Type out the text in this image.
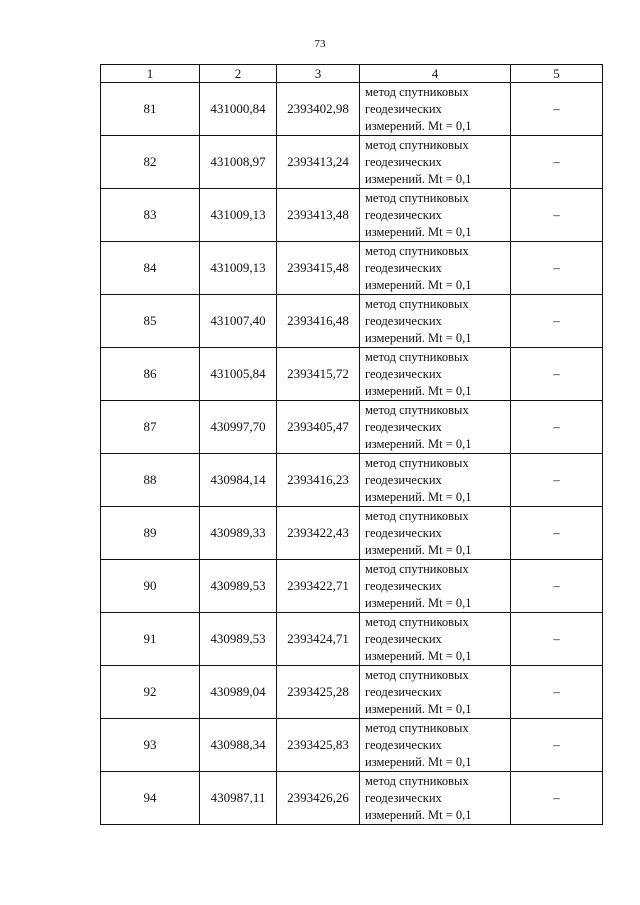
73
1	2	3	4	5
81	431000,84	2393402,98	метод спутниковых
геодезических
измерений. Mt = 0,1	–
82	431008,97	2393413,24	метод спутниковых
геодезических
измерений. Mt = 0,1	–
83	431009,13	2393413,48	метод спутниковых
геодезических
измерений. Mt = 0,1	–
84	431009,13	2393415,48	метод спутниковых
геодезических
измерений. Mt = 0,1	–
85	431007,40	2393416,48	метод спутниковых
геодезических
измерений. Mt = 0,1	–
86	431005,84	2393415,72	метод спутниковых
геодезических
измерений. Mt = 0,1	–
87	430997,70	2393405,47	метод спутниковых
геодезических
измерений. Mt = 0,1	–
88	430984,14	2393416,23	метод спутниковых
геодезических
измерений. Mt = 0,1	–
89	430989,33	2393422,43	метод спутниковых
геодезических
измерений. Mt = 0,1	–
90	430989,53	2393422,71	метод спутниковых
геодезических
измерений. Mt = 0,1	–
91	430989,53	2393424,71	метод спутниковых
геодезических
измерений. Mt = 0,1	–
92	430989,04	2393425,28	метод спутниковых
геодезических
измерений. Mt = 0,1	–
93	430988,34	2393425,83	метод спутниковых
геодезических
измерений. Mt = 0,1	–
94	430987,11	2393426,26	метод спутниковых
геодезических
измерений. Mt = 0,1	–
